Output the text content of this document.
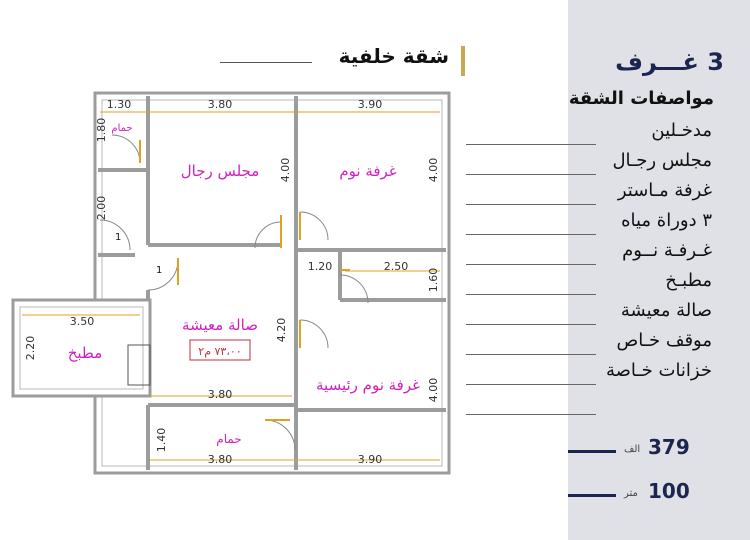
شقة خلفية
مجلس رجال	غرفة نوم
حمام
صالة معيشة
مطبخ
غرفة نوم رئيسية
حمام
٧٣،٠٠ م٢
1.30	3.80	3.90
1.80
2.00
4.00	4.00
1.20	2.50
1.60
3.50
2.20
4.20
3.80	4.00
1.40
3.80	3.90
1
1
3 غـــرف
مواصفات الشقة
مدخـلين
مجلس رجـال
غرفة مـاستر
٣ دوراة مياه
غـرفـة نــوم
مطبـخ
صالة معيشة
موقف خـاص
خزانات خـاصة
الف 379
متر 100
